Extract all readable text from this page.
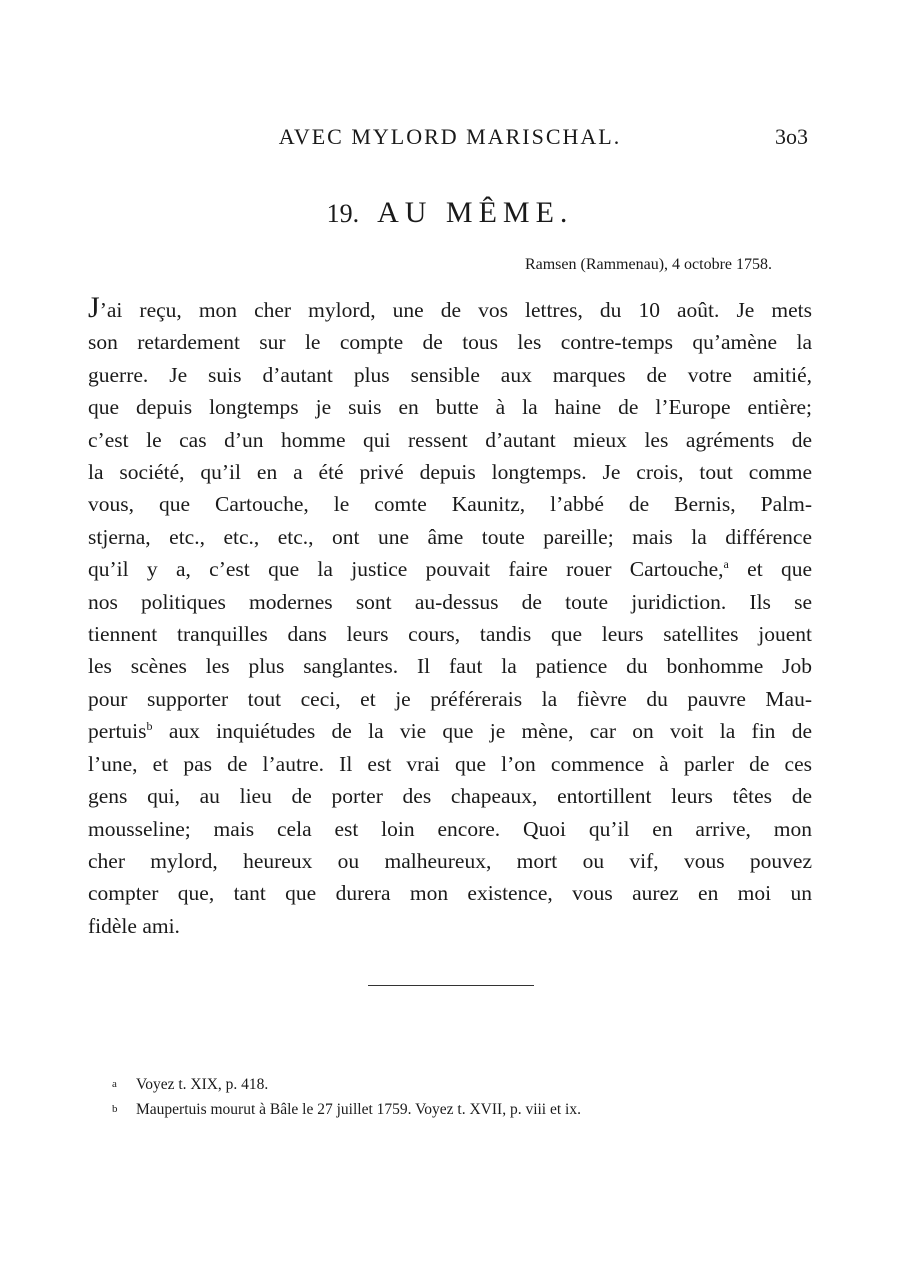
AVEC MYLORD MARISCHAL.	3o3
19. AU MÊME.
Ramsen (Rammenau), 4 octobre 1758.
J’ai reçu, mon cher mylord, une de vos lettres, du 10 août. Je mets
son retardement sur le compte de tous les contre-temps qu’amène la
guerre. Je suis d’autant plus sensible aux marques de votre amitié,
que depuis longtemps je suis en butte à la haine de l’Europe entière;
c’est le cas d’un homme qui ressent d’autant mieux les agréments de
la société, qu’il en a été privé depuis longtemps. Je crois, tout comme
vous, que Cartouche, le comte Kaunitz, l’abbé de Bernis, Palm-
stjerna, etc., etc., etc., ont une âme toute pareille; mais la différence
qu’il y a, c’est que la justice pouvait faire rouer Cartouche,$^a$ et que
nos politiques modernes sont au-dessus de toute juridiction. Ils se
tiennent tranquilles dans leurs cours, tandis que leurs satellites jouent
les scènes les plus sanglantes. Il faut la patience du bonhomme Job
pour supporter tout ceci, et je préférerais la fièvre du pauvre Mau-
pertuis$^b$ aux inquiétudes de la vie que je mène, car on voit la fin de
l’une, et pas de l’autre. Il est vrai que l’on commence à parler de ces
gens qui, au lieu de porter des chapeaux, entortillent leurs têtes de
mousseline; mais cela est loin encore. Quoi qu’il en arrive, mon
cher mylord, heureux ou malheureux, mort ou vif, vous pouvez
compter que, tant que durera mon existence, vous aurez en moi un
fidèle ami.
a Voyez t. XIX, p. 418.
b Maupertuis mourut à Bâle le 27 juillet 1759. Voyez t. XVII, p. viii et ix.
